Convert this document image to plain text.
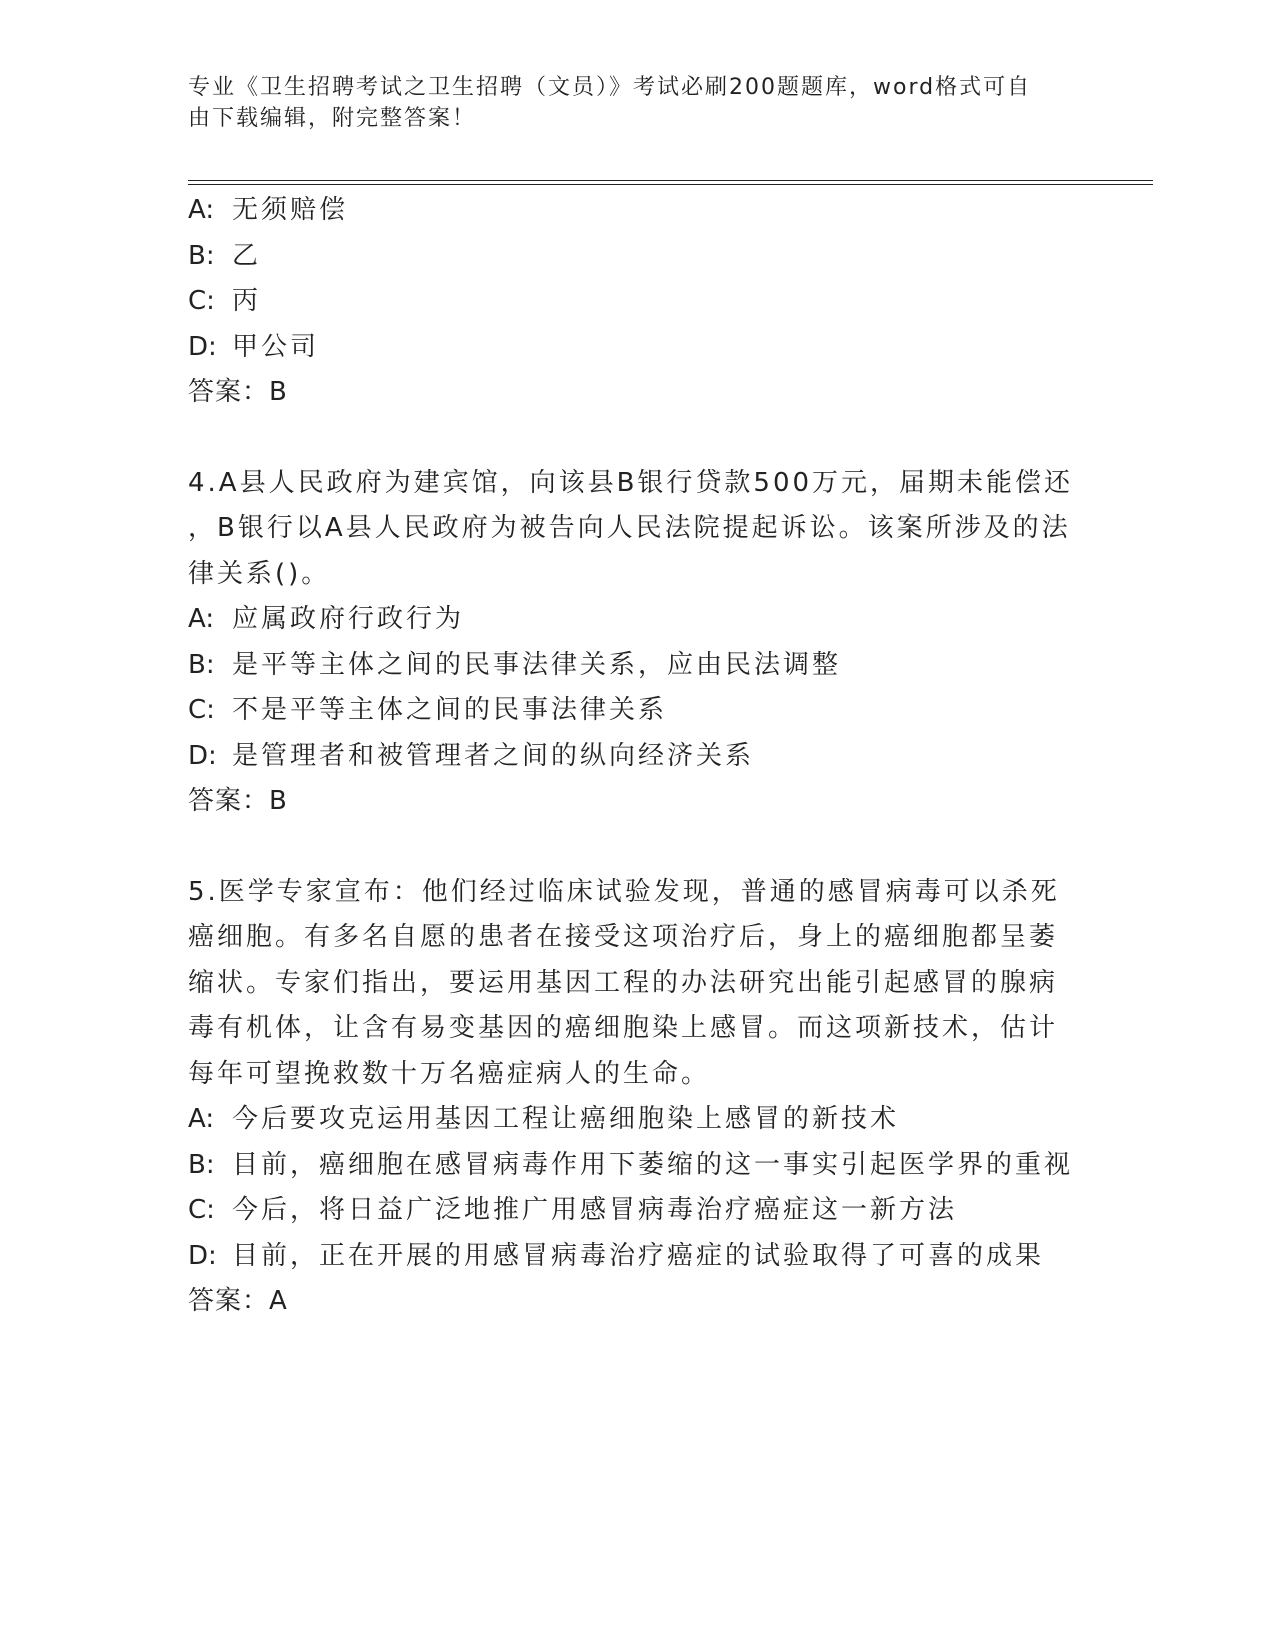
专业《卫生招聘考试之卫生招聘（文员）》考试必刷200题题库，word格式可自
由下载编辑，附完整答案！
A: 无须赔偿
B: 乙
C: 丙
D: 甲公司
答案：B
4.A县人民政府为建宾馆，向该县B银行贷款500万元，届期未能偿还
，B银行以A县人民政府为被告向人民法院提起诉讼。该案所涉及的法
律关系()。
A: 应属政府行政行为
B: 是平等主体之间的民事法律关系，应由民法调整
C: 不是平等主体之间的民事法律关系
D: 是管理者和被管理者之间的纵向经济关系
答案：B
5.医学专家宣布：他们经过临床试验发现，普通的感冒病毒可以杀死
癌细胞。有多名自愿的患者在接受这项治疗后，身上的癌细胞都呈萎
缩状。专家们指出，要运用基因工程的办法研究出能引起感冒的腺病
毒有机体，让含有易变基因的癌细胞染上感冒。而这项新技术，估计
每年可望挽救数十万名癌症病人的生命。
A: 今后要攻克运用基因工程让癌细胞染上感冒的新技术
B: 目前，癌细胞在感冒病毒作用下萎缩的这一事实引起医学界的重视
C: 今后，将日益广泛地推广用感冒病毒治疗癌症这一新方法
D: 目前，正在开展的用感冒病毒治疗癌症的试验取得了可喜的成果
答案：A
